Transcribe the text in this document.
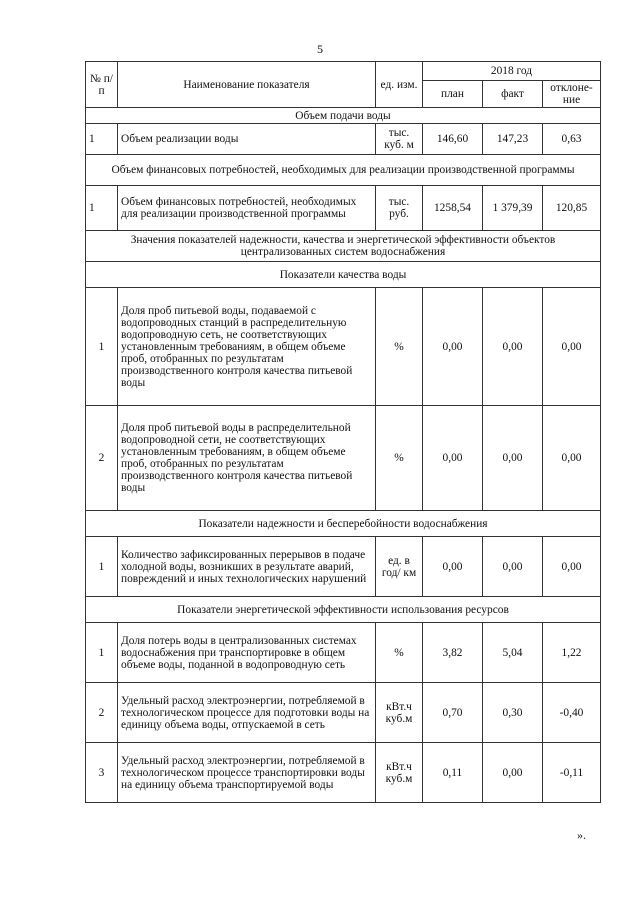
5
№ п/п	Наименование показателя	ед. изм.	2018 год		
			план	факт	отклоне-ние
Объем подачи воды					
1	Объем реализации воды	тыс. куб. м	146,60	147,23	0,63
Объем финансовых потребностей, необходимых для реализации производственной программы					
1	Объем финансовых потребностей, необходимых для реализации производственной программы	тыс. руб.	1258,54	1 379,39	120,85
Значения показателей надежности, качества и энергетической эффективности объектов централизованных систем водоснабжения					
Показатели качества воды					
1	Доля проб питьевой воды, подаваемой с водопроводных станций в распределительную водопроводную сеть, не соответствующих установленным требованиям, в общем объеме проб, отобранных по результатам производственного контроля качества питьевой воды	%	0,00	0,00	0,00
2	Доля проб питьевой воды в распределительной водопроводной сети, не соответствующих установленным требованиям, в общем объеме проб, отобранных по результатам производственного контроля качества питьевой воды	%	0,00	0,00	0,00
Показатели надежности и бесперебойности водоснабжения					
1	Количество зафиксированных перерывов в подаче холодной воды, возникших в результате аварий, повреждений и иных технологических нарушений	ед. в год/ км	0,00	0,00	0,00
Показатели энергетической эффективности использования ресурсов					
1	Доля потерь воды в централизованных системах водоснабжения при транспортировке в общем объеме воды, поданной в водопроводную сеть	%	3,82	5,04	1,22
2	Удельный расход электроэнергии, потребляемой в технологическом процессе для подготовки воды на единицу объема воды, отпускаемой в сеть	кВт.ч куб.м	0,70	0,30	-0,40
3	Удельный расход электроэнергии, потребляемой в технологическом процессе транспортировки воды на единицу объема транспортируемой воды	кВт.ч куб.м	0,11	0,00	-0,11
».
